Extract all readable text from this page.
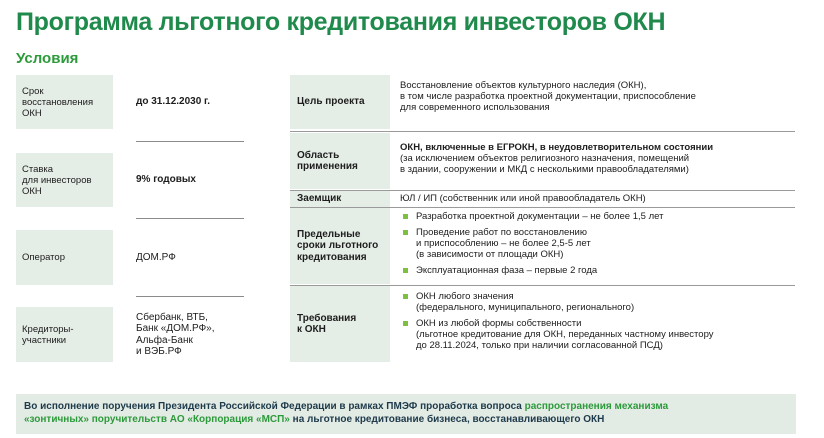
Программа льготного кредитования инвесторов ОКН
Условия
Срок
восстановления
ОКН
до 31.12.2030 г.
Ставка
для инвесторов
ОКН
9% годовых
Оператор	ДОМ.РФ
Кредиторы-
участники
Сбербанк, ВТБ,
Банк «ДОМ.РФ»,
Альфа-Банк
и ВЭБ.РФ
Цель проекта
Восстановление объектов культурного наследия (ОКН),
в том числе разработка проектной документации, приспособление
для современного использования
Область
применения
ОКН, включенные в ЕГРОКН, в неудовлетворительном состоянии
(за исключением объектов религиозного назначения, помещений
в здании, сооружении и МКД с несколькими правообладателями)
Заемщик	ЮЛ / ИП (собственник или иной правообладатель ОКН)
Предельные
сроки льготного
кредитования
Разработка проектной документации – не более 1,5 лет
Проведение работ по восстановлению
и приспособлению – не более 2,5-5 лет
(в зависимости от площади ОКН)
Эксплуатационная фаза – первые 2 года
Требования
к ОКН
ОКН любого значения
(федерального, муниципального, регионального)
ОКН из любой формы собственности
(льготное кредитование для ОКН, переданных частному инвестору
до 28.11.2024, только при наличии согласованной ПСД)
Во исполнение поручения Президента Российской Федерации в рамках ПМЭФ проработка вопроса распространения механизма
«зонтичных» поручительств АО «Корпорация «МСП» на льготное кредитование бизнеса, восстанавливающего ОКН
